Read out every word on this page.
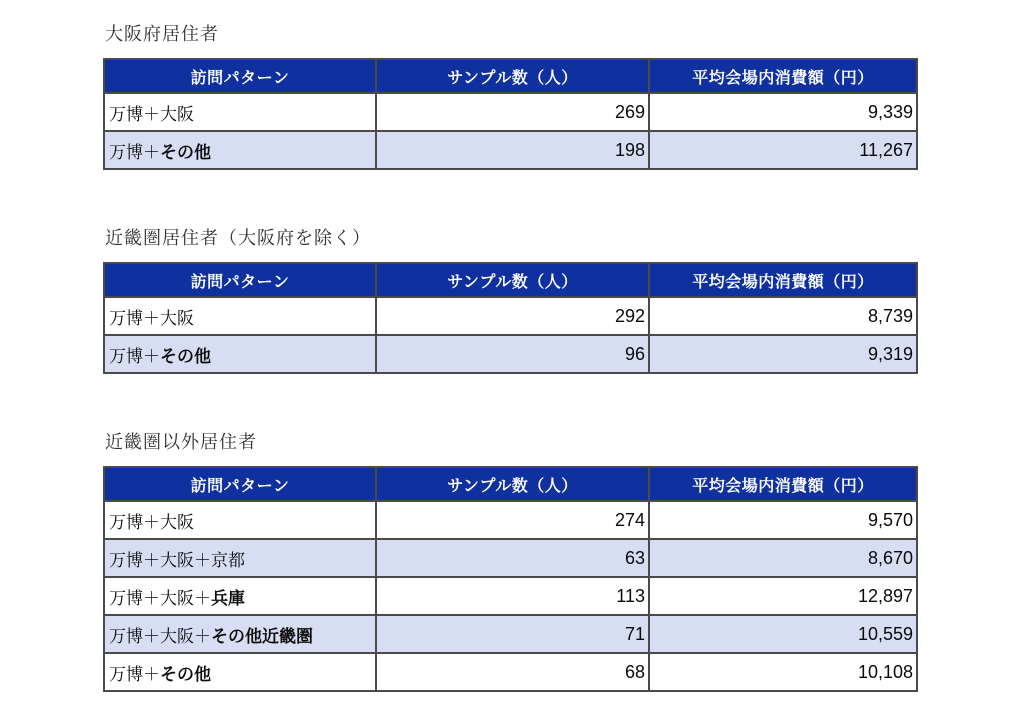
大阪府居住者
訪問パターン	サンプル数（人）	平均会場内消費額（円）
万博＋大阪	269	9,339
万博＋その他	198	11,267
近畿圏居住者（大阪府を除く）
訪問パターン	サンプル数（人）	平均会場内消費額（円）
万博＋大阪	292	8,739
万博＋その他	96	9,319
近畿圏以外居住者
訪問パターン	サンプル数（人）	平均会場内消費額（円）
万博＋大阪	274	9,570
万博＋大阪＋京都	63	8,670
万博＋大阪＋兵庫	113	12,897
万博＋大阪＋その他近畿圏	71	10,559
万博＋その他	68	10,108
